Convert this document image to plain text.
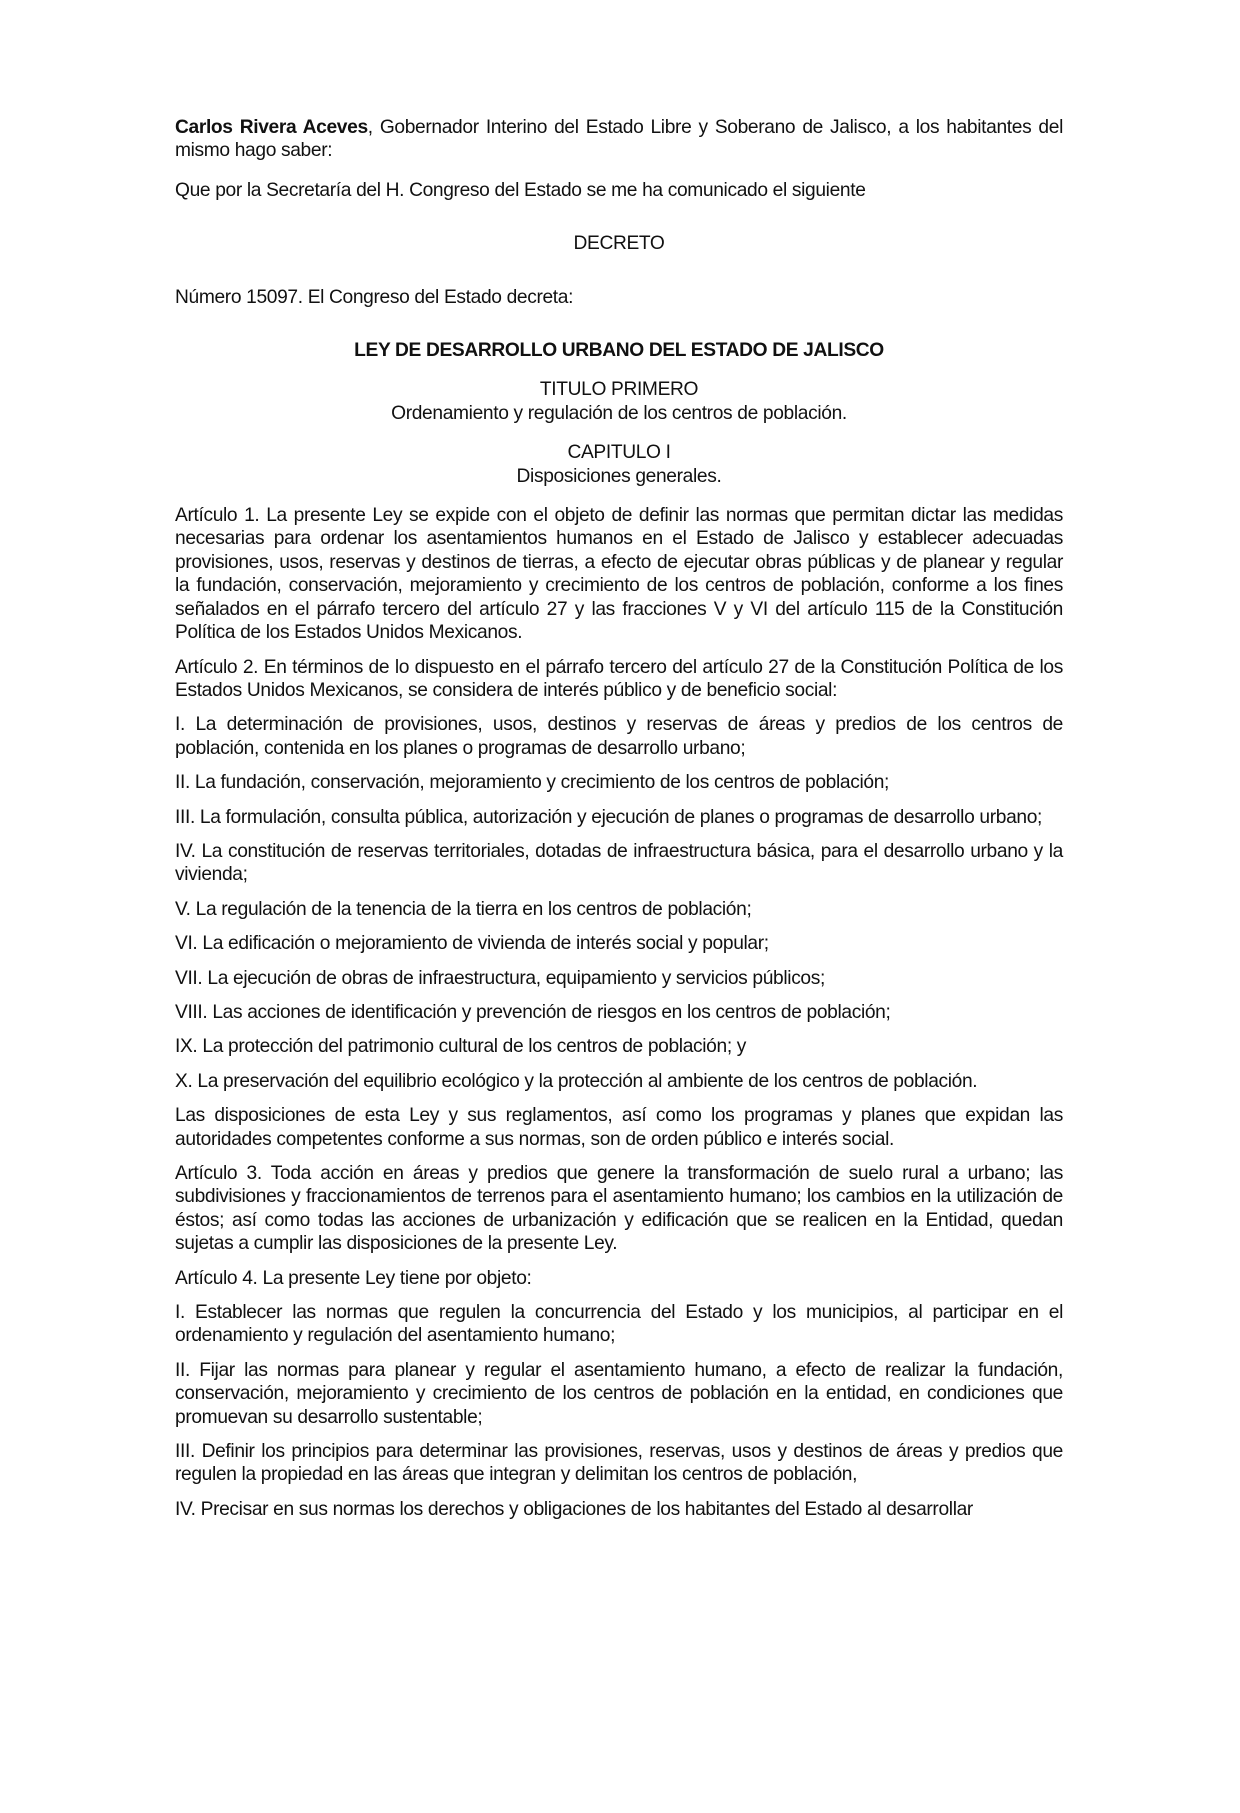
Carlos Rivera Aceves, Gobernador Interino del Estado Libre y Soberano de Jalisco, a los habitantes del mismo hago saber:

Que por la Secretaría del H. Congreso del Estado se me ha comunicado el siguiente

DECRETO

Número 15097. El Congreso del Estado decreta:

LEY DE DESARROLLO URBANO DEL ESTADO DE JALISCO

TITULO PRIMERO
Ordenamiento y regulación de los centros de población.
CAPITULO I
Disposiciones generales.

Artículo 1. La presente Ley se expide con el objeto de definir las normas que permitan dictar las medidas necesarias para ordenar los asentamientos humanos en el Estado de Jalisco y establecer adecuadas provisiones, usos, reservas y destinos de tierras, a efecto de ejecutar obras públicas y de planear y regular la fundación, conservación, mejoramiento y crecimiento de los centros de población, conforme a los fines señalados en el párrafo tercero del artículo 27 y las fracciones V y VI del artículo 115 de la Constitución Política de los Estados Unidos Mexicanos.

Artículo 2. En términos de lo dispuesto en el párrafo tercero del artículo 27 de la Constitución Política de los Estados Unidos Mexicanos, se considera de interés público y de beneficio social:

I. La determinación de provisiones, usos, destinos y reservas de áreas y predios de los centros de población, contenida en los planes o programas de desarrollo urbano;

II. La fundación, conservación, mejoramiento y crecimiento de los centros de población;

III. La formulación, consulta pública, autorización y ejecución de planes o programas de desarrollo urbano;

IV. La constitución de reservas territoriales, dotadas de infraestructura básica, para el desarrollo urbano y la vivienda;

V. La regulación de la tenencia de la tierra en los centros de población;

VI. La edificación o mejoramiento de vivienda de interés social y popular;

VII. La ejecución de obras de infraestructura, equipamiento y servicios públicos;

VIII. Las acciones de identificación y prevención de riesgos en los centros de población;

IX. La protección del patrimonio cultural de los centros de población; y

X. La preservación del equilibrio ecológico y la protección al ambiente de los centros de población.

Las disposiciones de esta Ley y sus reglamentos, así como los programas y planes que expidan las autoridades competentes conforme a sus normas, son de orden público e interés social.

Artículo 3. Toda acción en áreas y predios que genere la transformación de suelo rural a urbano; las subdivisiones y fraccionamientos de terrenos para el asentamiento humano; los cambios en la utilización de éstos; así como todas las acciones de urbanización y edificación que se realicen en la Entidad, quedan sujetas a cumplir las disposiciones de la presente Ley.

Artículo 4. La presente Ley tiene por objeto:

I. Establecer las normas que regulen la concurrencia del Estado y los municipios, al participar en el ordenamiento y regulación del asentamiento humano;

II. Fijar las normas para planear y regular el asentamiento humano, a efecto de realizar la fundación, conservación, mejoramiento y crecimiento de los centros de población en la entidad, en condiciones que promuevan su desarrollo sustentable;

III. Definir los principios para determinar las provisiones, reservas, usos y destinos de áreas y predios que regulen la propiedad en las áreas que integran y delimitan los centros de población,

IV. Precisar en sus normas los derechos y obligaciones de los habitantes del Estado al desarrollar
